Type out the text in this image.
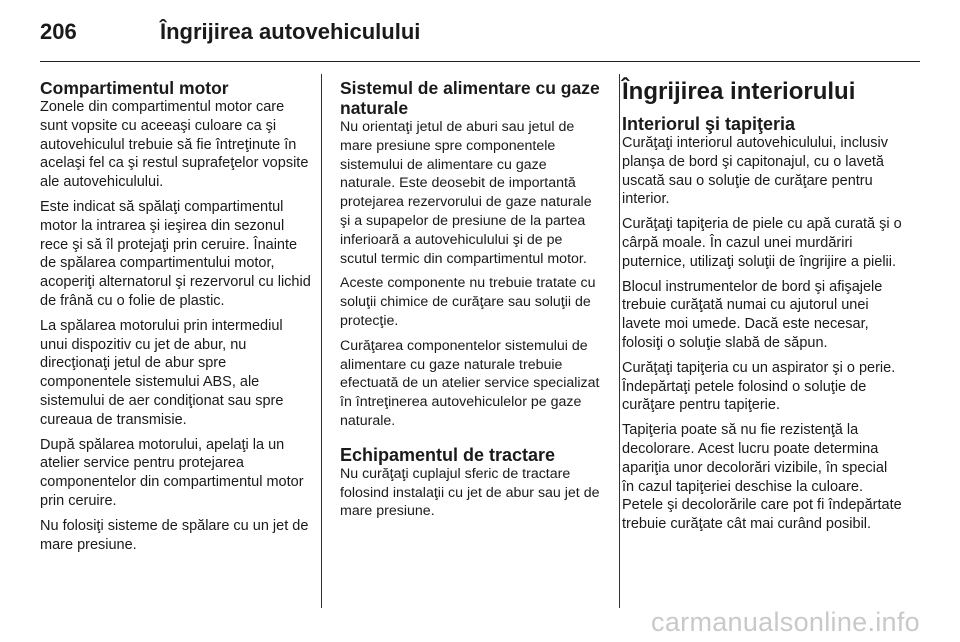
206	Îngrijirea autovehiculului
Compartimentul motor

Zonele din compartimentul motor care sunt vopsite cu aceeaşi culoare ca şi autovehiculul trebuie să fie întreţinute în acelaşi fel ca şi restul suprafeţelor vopsite ale autovehiculului.

Este indicat să spălaţi compartimentul motor la intrarea şi ieşirea din sezonul rece şi să îl protejaţi prin ceruire. Înainte de spălarea compartimentului motor, acoperiţi alternatorul şi rezervorul cu lichid de frână cu o folie de plastic.

La spălarea motorului prin intermediul unui dispozitiv cu jet de abur, nu direcţionaţi jetul de abur spre componentele sistemului ABS, ale sistemului de aer condiţionat sau spre cureaua de transmisie.

După spălarea motorului, apelaţi la un atelier service pentru protejarea componentelor din compartimentul motor prin ceruire.

Nu folosiţi sisteme de spălare cu un jet de mare presiune.

Sistemul de alimentare cu gaze naturale

Nu orientaţi jetul de aburi sau jetul de mare presiune spre componentele sistemului de alimentare cu gaze naturale. Este deosebit de importantă protejarea rezervorului de gaze naturale şi a supapelor de presiune de la partea inferioară a autovehiculului şi de pe scutul termic din compartimentul motor.

Aceste componente nu trebuie tratate cu soluţii chimice de curăţare sau soluţii de protecţie.

Curăţarea componentelor sistemului de alimentare cu gaze naturale trebuie efectuată de un atelier service specializat în întreţinerea autovehiculelor pe gaze naturale.

Echipamentul de tractare

Nu curăţaţi cuplajul sferic de tractare folosind instalaţii cu jet de abur sau jet de mare presiune.

Îngrijirea interiorului
Interiorul şi tapiţeria

Curăţaţi interiorul autovehiculului, inclusiv planşa de bord şi capitonajul, cu o lavetă uscată sau o soluţie de curăţare pentru interior.

Curăţaţi tapiţeria de piele cu apă curată şi o cârpă moale. În cazul unei murdăriri puternice, utilizaţi soluţii de îngrijire a pielii.

Blocul instrumentelor de bord şi afişajele trebuie curăţată numai cu ajutorul unei lavete moi umede. Dacă este necesar, folosiţi o soluţie slabă de săpun.

Curăţaţi tapiţeria cu un aspirator şi o perie. Îndepărtaţi petele folosind o soluţie de curăţare pentru tapiţerie.

Tapiţeria poate să nu fie rezistenţă la decolorare. Acest lucru poate determina apariţia unor decolorări vizibile, în special în cazul tapiţeriei deschise la culoare. Petele şi decolorările care pot fi îndepărtate trebuie curăţate cât mai curând posibil.

carmanualsonline.info
